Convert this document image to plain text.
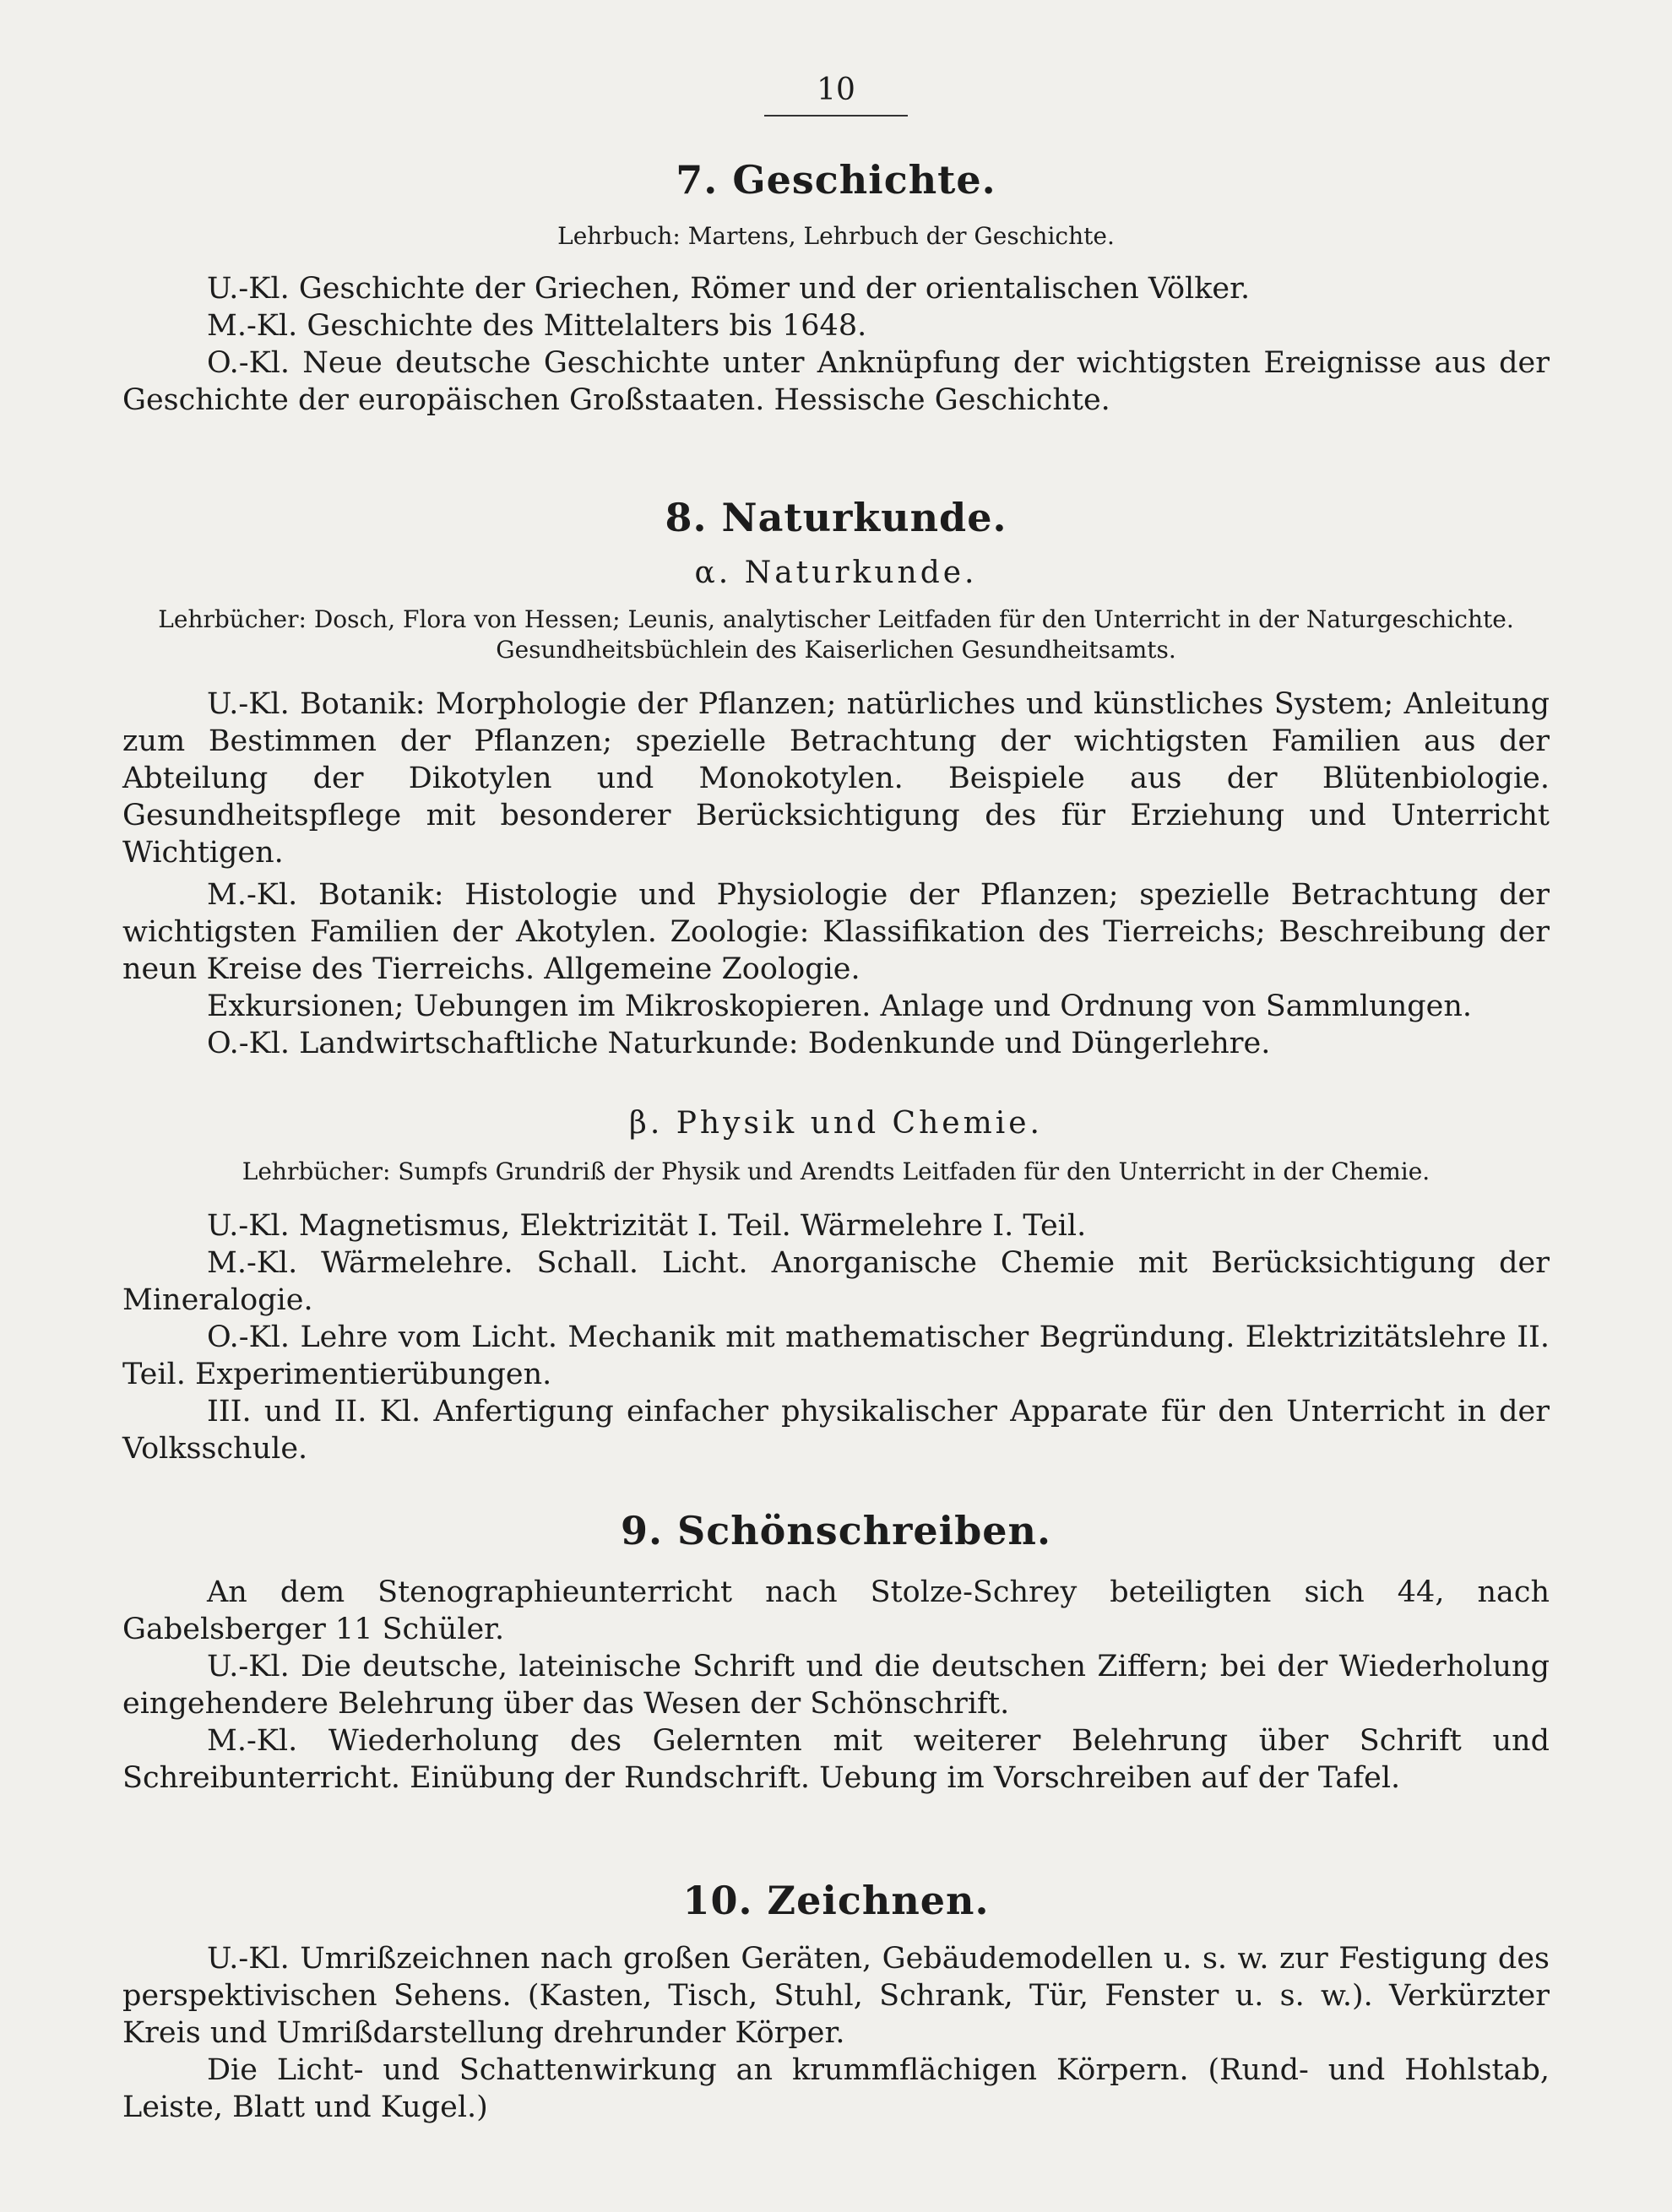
10
7. Geschichte.
Lehrbuch: Martens, Lehrbuch der Geschichte.
U.-Kl. Geschichte der Griechen, Römer und der orientalischen Völker.
M.-Kl. Geschichte des Mittelalters bis 1648.
O.-Kl. Neue deutsche Geschichte unter Anknüpfung der wichtigsten Ereignisse aus der Geschichte der europäischen Großstaaten. Hessische Geschichte.
8. Naturkunde.
α. Naturkunde.
Lehrbücher: Dosch, Flora von Hessen; Leunis, analytischer Leitfaden für den Unterricht in der Naturgeschichte. Gesundheitsbüchlein des Kaiserlichen Gesundheitsamts.
U.-Kl. Botanik: Morphologie der Pflanzen; natürliches und künstliches System; Anleitung zum Bestimmen der Pflanzen; spezielle Betrachtung der wichtigsten Familien aus der Abteilung der Dikotylen und Monokotylen. Beispiele aus der Blütenbiologie. Gesundheitspflege mit besonderer Berücksichtigung des für Erziehung und Unterricht Wichtigen.
M.-Kl. Botanik: Histologie und Physiologie der Pflanzen; spezielle Betrachtung der wichtigsten Familien der Akotylen. Zoologie: Klassifikation des Tierreichs; Beschreibung der neun Kreise des Tierreichs. Allgemeine Zoologie.
Exkursionen; Uebungen im Mikroskopieren. Anlage und Ordnung von Sammlungen.
O.-Kl. Landwirtschaftliche Naturkunde: Bodenkunde und Düngerlehre.
β. Physik und Chemie.
Lehrbücher: Sumpfs Grundriß der Physik und Arendts Leitfaden für den Unterricht in der Chemie.
U.-Kl. Magnetismus, Elektrizität I. Teil. Wärmelehre I. Teil.
M.-Kl. Wärmelehre. Schall. Licht. Anorganische Chemie mit Berücksichtigung der Mineralogie.
O.-Kl. Lehre vom Licht. Mechanik mit mathematischer Begründung. Elektrizitätslehre II. Teil. Experimentierübungen.
III. und II. Kl. Anfertigung einfacher physikalischer Apparate für den Unterricht in der Volksschule.
9. Schönschreiben.
An dem Stenographieunterricht nach Stolze-Schrey beteiligten sich 44, nach Gabelsberger 11 Schüler.
U.-Kl. Die deutsche, lateinische Schrift und die deutschen Ziffern; bei der Wiederholung eingehendere Belehrung über das Wesen der Schönschrift.
M.-Kl. Wiederholung des Gelernten mit weiterer Belehrung über Schrift und Schreibunterricht. Einübung der Rundschrift. Uebung im Vorschreiben auf der Tafel.
10. Zeichnen.
U.-Kl. Umrißzeichnen nach großen Geräten, Gebäudemodellen u. s. w. zur Festigung des perspektivischen Sehens. (Kasten, Tisch, Stuhl, Schrank, Tür, Fenster u. s. w.). Verkürzter Kreis und Umrißdarstellung drehrunder Körper.
Die Licht- und Schattenwirkung an krummflächigen Körpern. (Rund- und Hohlstab, Leiste, Blatt und Kugel.)
